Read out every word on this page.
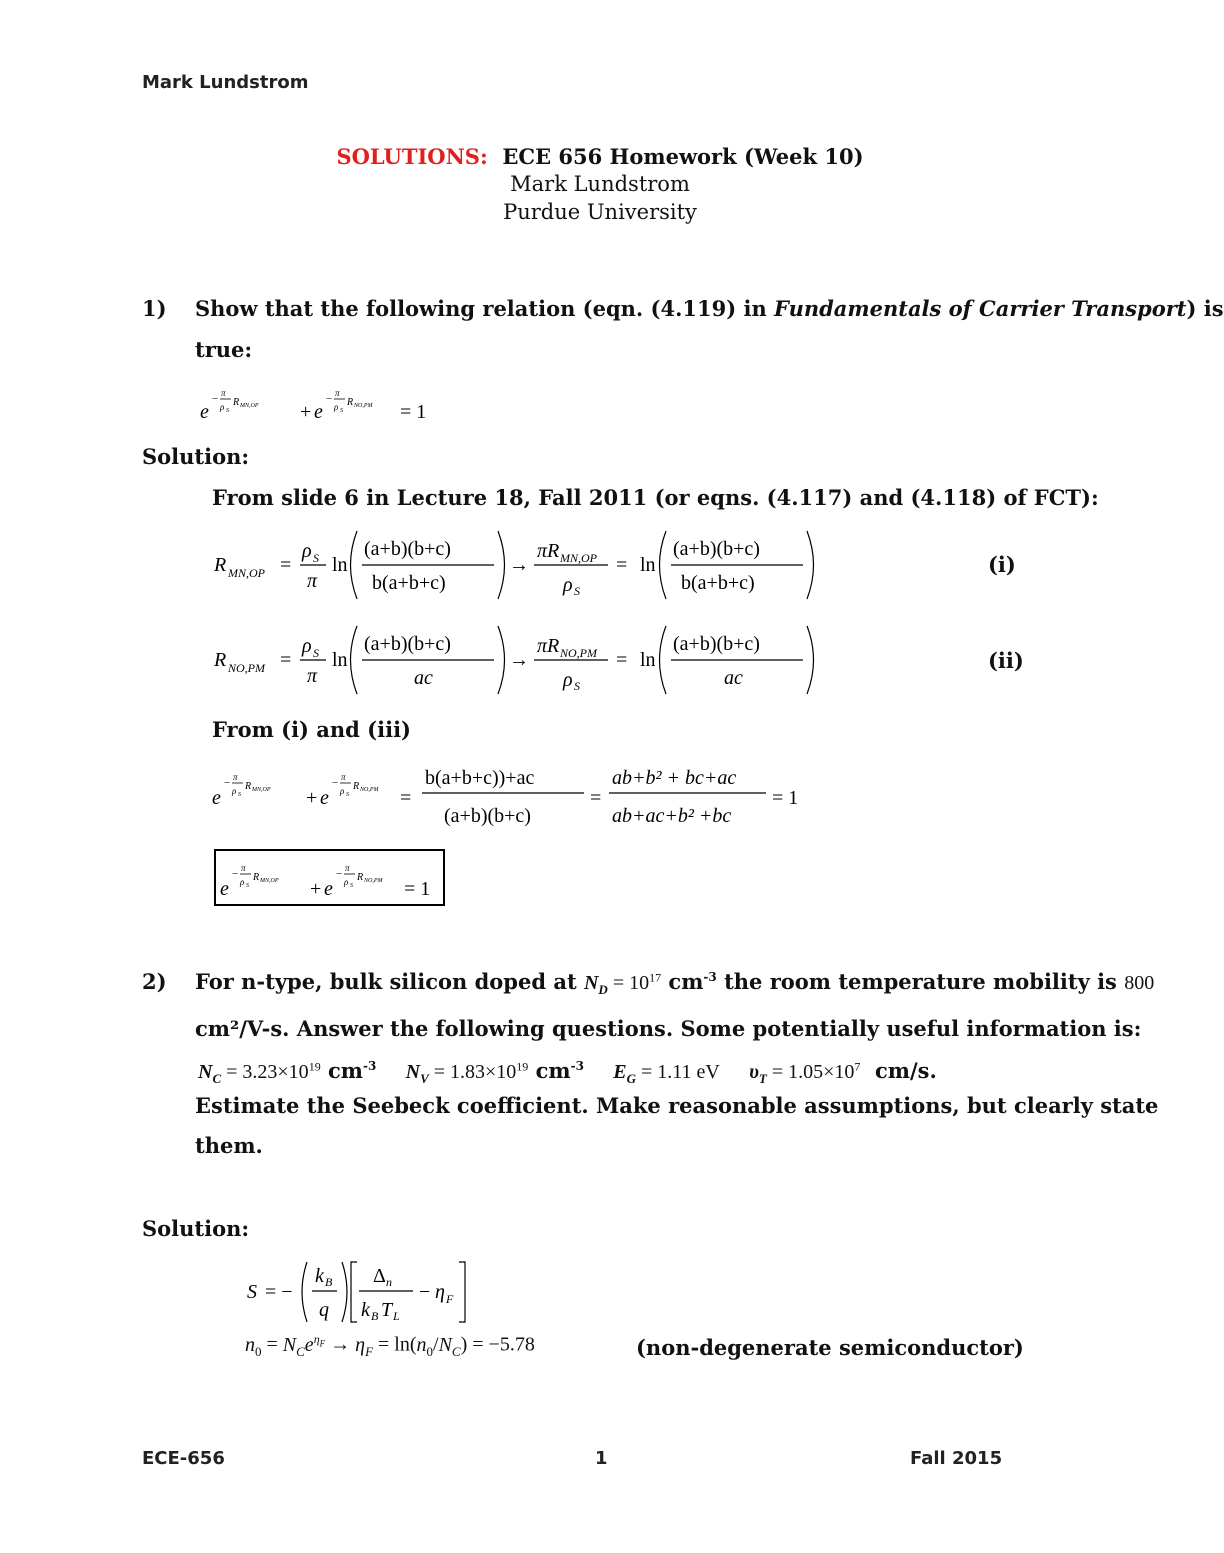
Mark Lundstrom
SOLUTIONS: ECE 656 Homework (Week 10)
Mark Lundstrom
Purdue University
1) Show that the following relation (eqn. (4.119) in Fundamentals of Carrier Transport) is
true:
e
− π
ρ S
R MN,OP + e
− π
ρ S
R NO,PM = 1
Solution:
From slide 6 in Lecture 18, Fall 2011 (or eqns. (4.117) and (4.118) of FCT):
R MN,OP =
ρ S
π
ln
(a+b)(b+c)
b(a+b+c)
→
πR MN,OP
ρ S
= ln
(a+b)(b+c)
b(a+b+c)
(i)
R NO,PM =
ρ S
π
ln
(a+b)(b+c)
ac
→
πR NO,PM
ρ S
= ln
(a+b)(b+c)
ac
(ii)
From (i) and (iii)
e
− π
ρ S
R MN,OP + e
− π
ρ S
R NO,PM =
b(a+b+c))+ac
(a+b)(b+c)
=
ab+b² + bc+ac
ab+ac+b² +bc
= 1
e
− π
ρ S
R MN,OP + e
− π
ρ S
R NO,PM = 1
2) For n-type, bulk silicon doped at $N_D = 10^{17}$ $cm^{-3}$ the room temperature mobility is 800
cm²/V-s. Answer the following questions. Some potentially useful information is:
$N_C = 3.23\times 10^{19}$ $cm^{-3}$ $N_V = 1.83\times 10^{19}$ $cm^{-3}$ $E_G = 1.11$ eV $\upsilon_T = 1.05\times 10^7$ cm/s.
Estimate the Seebeck coefficient. Make reasonable assumptions, but clearly state
them.
Solution:
S = −
k B
q
Δ n
k B T L
− η F
$n_0 = N_Ce^{\eta_F} \to \eta_F = \ln(n_0/N_C) = -5.78$	(non-degenerate semiconductor)
ECE-656	1	Fall 2015
